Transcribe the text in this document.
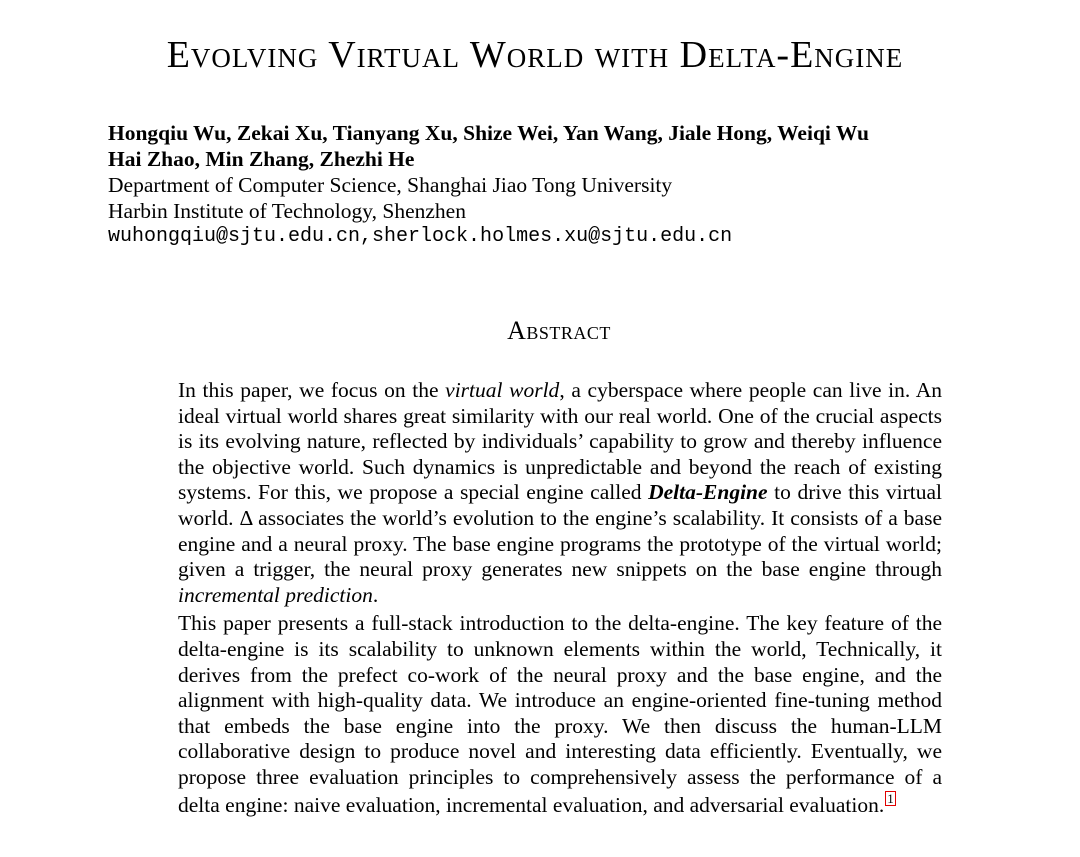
Evolving Virtual World with Delta-Engine
Hongqiu Wu, Zekai Xu, Tianyang Xu, Shize Wei, Yan Wang, Jiale Hong, Weiqi Wu
Hai Zhao, Min Zhang, Zhezhi He
Department of Computer Science, Shanghai Jiao Tong University
Harbin Institute of Technology, Shenzhen
wuhongqiu@sjtu.edu.cn,sherlock.holmes.xu@sjtu.edu.cn
Abstract

In this paper, we focus on the virtual world, a cyberspace where people can live in. An ideal virtual world shares great similarity with our real world. One of the crucial aspects is its evolving nature, reflected by individuals’ capability to grow and thereby influence the objective world. Such dynamics is unpredictable and beyond the reach of existing systems. For this, we propose a special engine called Delta-Engine to drive this virtual world. Δ associates the world’s evolution to the engine’s scalability. It consists of a base engine and a neural proxy. The base engine programs the prototype of the virtual world; given a trigger, the neural proxy generates new snippets on the base engine through incremental prediction.

This paper presents a full-stack introduction to the delta-engine. The key feature of the delta-engine is its scalability to unknown elements within the world, Technically, it derives from the prefect co-work of the neural proxy and the base engine, and the alignment with high-quality data. We introduce an engine-oriented fine-tuning method that embeds the base engine into the proxy. We then discuss the human-LLM collaborative design to produce novel and interesting data efficiently. Eventually, we propose three evaluation principles to comprehensively assess the performance of a delta engine: naive evaluation, incremental evaluation, and adversarial evaluation. 1
